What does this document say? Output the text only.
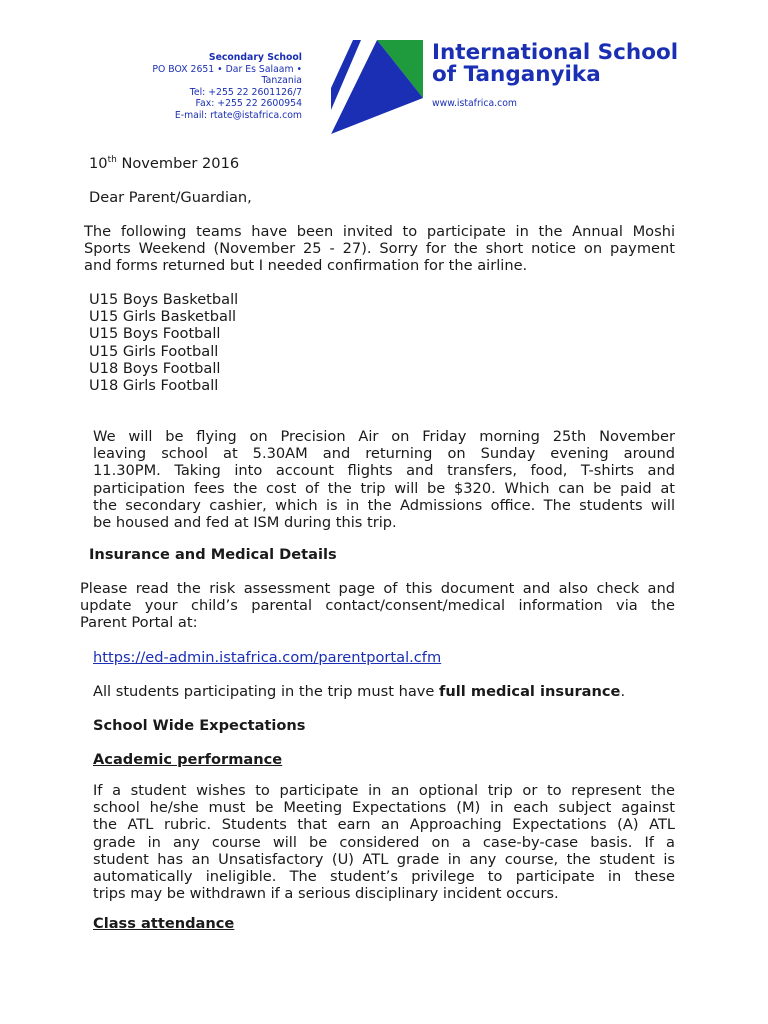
Secondary School
PO BOX 2651 • Dar Es Salaam •
Tanzania
Tel: +255 22 2601126/7
Fax: +255 22 2600954
E-mail: rtate@istafrica.com
International School
of Tanganyika
www.istafrica.com
10th November 2016
Dear Parent/Guardian,
The following teams have been invited to participate in the Annual Moshi
Sports Weekend (November 25 - 27). Sorry for the short notice on payment
and forms returned but I needed confirmation for the airline.
U15 Boys Basketball
U15 Girls Basketball
U15 Boys Football
U15 Girls Football
U18 Boys Football
U18 Girls Football
We will be flying on Precision Air on Friday morning 25th November
leaving school at 5.30AM and returning on Sunday evening around
11.30PM. Taking into account flights and transfers, food, T-shirts and
participation fees the cost of the trip will be $320. Which can be paid at
the secondary cashier, which is in the Admissions office. The students will
be housed and fed at ISM during this trip.
Insurance and Medical Details
Please read the risk assessment page of this document and also check and
update your child’s parental contact/consent/medical information via the
Parent Portal at:
https://ed-admin.istafrica.com/parentportal.cfm
All students participating in the trip must have full medical insurance.
School Wide Expectations
Academic performance
If a student wishes to participate in an optional trip or to represent the
school he/she must be Meeting Expectations (M) in each subject against
the ATL rubric. Students that earn an Approaching Expectations (A) ATL
grade in any course will be considered on a case-by-case basis. If a
student has an Unsatisfactory (U) ATL grade in any course, the student is
automatically ineligible. The student’s privilege to participate in these
trips may be withdrawn if a serious disciplinary incident occurs.
Class attendance
